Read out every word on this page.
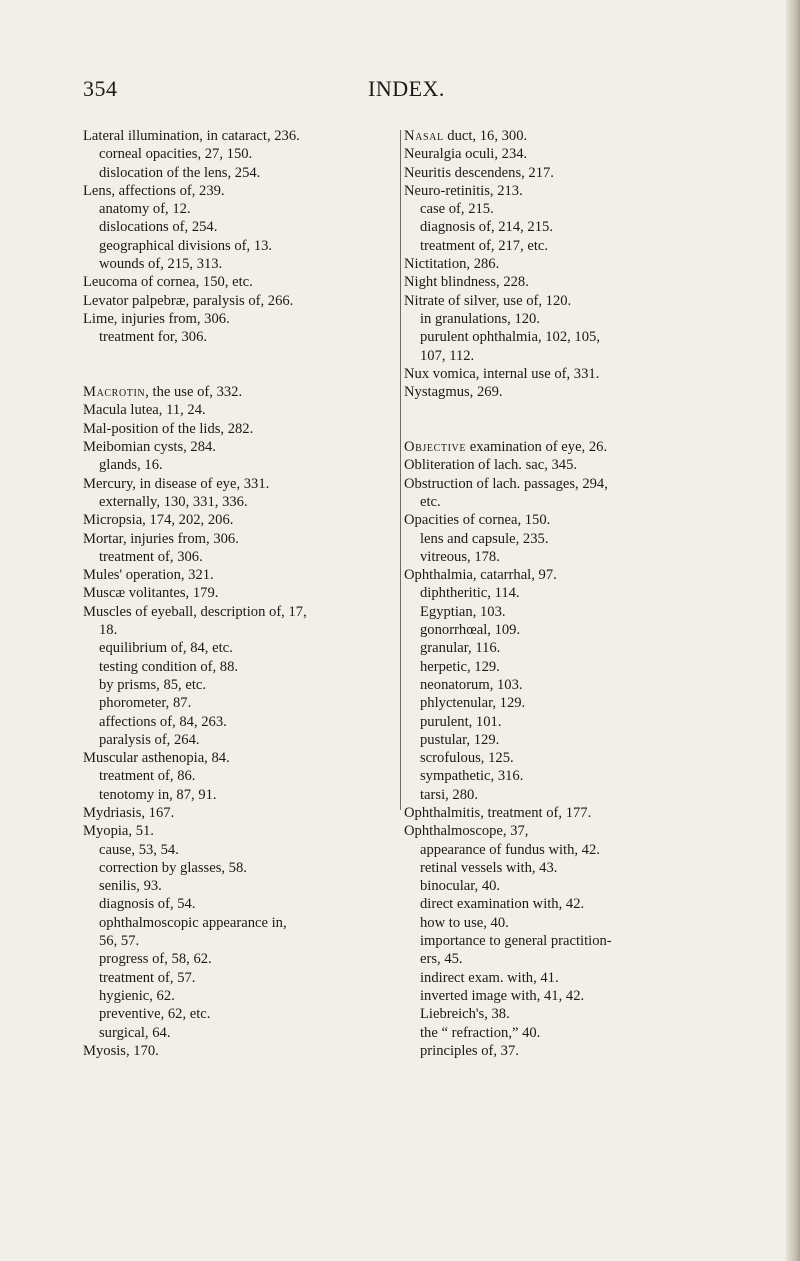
354	INDEX.
Lateral illumination, in cataract, 236.
corneal opacities, 27, 150.
dislocation of the lens, 254.
Lens, affections of, 239.
anatomy of, 12.
dislocations of, 254.
geographical divisions of, 13.
wounds of, 215, 313.
Leucoma of cornea, 150, etc.
Levator palpebræ, paralysis of, 266.
Lime, injuries from, 306.
treatment for, 306.
Macrotin, the use of, 332.
Macula lutea, 11, 24.
Mal-position of the lids, 282.
Meibomian cysts, 284.
glands, 16.
Mercury, in disease of eye, 331.
externally, 130, 331, 336.
Micropsia, 174, 202, 206.
Mortar, injuries from, 306.
treatment of, 306.
Mules' operation, 321.
Muscæ volitantes, 179.
Muscles of eyeball, description of, 17,
18.
equilibrium of, 84, etc.
testing condition of, 88.
by prisms, 85, etc.
phorometer, 87.
affections of, 84, 263.
paralysis of, 264.
Muscular asthenopia, 84.
treatment of, 86.
tenotomy in, 87, 91.
Mydriasis, 167.
Myopia, 51.
cause, 53, 54.
correction by glasses, 58.
senilis, 93.
diagnosis of, 54.
ophthalmoscopic appearance in,
56, 57.
progress of, 58, 62.
treatment of, 57.
hygienic, 62.
preventive, 62, etc.
surgical, 64.
Myosis, 170.
Nasal duct, 16, 300.
Neuralgia oculi, 234.
Neuritis descendens, 217.
Neuro-retinitis, 213.
case of, 215.
diagnosis of, 214, 215.
treatment of, 217, etc.
Nictitation, 286.
Night blindness, 228.
Nitrate of silver, use of, 120.
in granulations, 120.
purulent ophthalmia, 102, 105,
107, 112.
Nux vomica, internal use of, 331.
Nystagmus, 269.
Objective examination of eye, 26.
Obliteration of lach. sac, 345.
Obstruction of lach. passages, 294,
etc.
Opacities of cornea, 150.
lens and capsule, 235.
vitreous, 178.
Ophthalmia, catarrhal, 97.
diphtheritic, 114.
Egyptian, 103.
gonorrhœal, 109.
granular, 116.
herpetic, 129.
neonatorum, 103.
phlyctenular, 129.
purulent, 101.
pustular, 129.
scrofulous, 125.
sympathetic, 316.
tarsi, 280.
Ophthalmitis, treatment of, 177.
Ophthalmoscope, 37,
appearance of fundus with, 42.
retinal vessels with, 43.
binocular, 40.
direct examination with, 42.
how to use, 40.
importance to general practition-
ers, 45.
indirect exam. with, 41.
inverted image with, 41, 42.
Liebreich's, 38.
the “ refraction,” 40.
principles of, 37.
